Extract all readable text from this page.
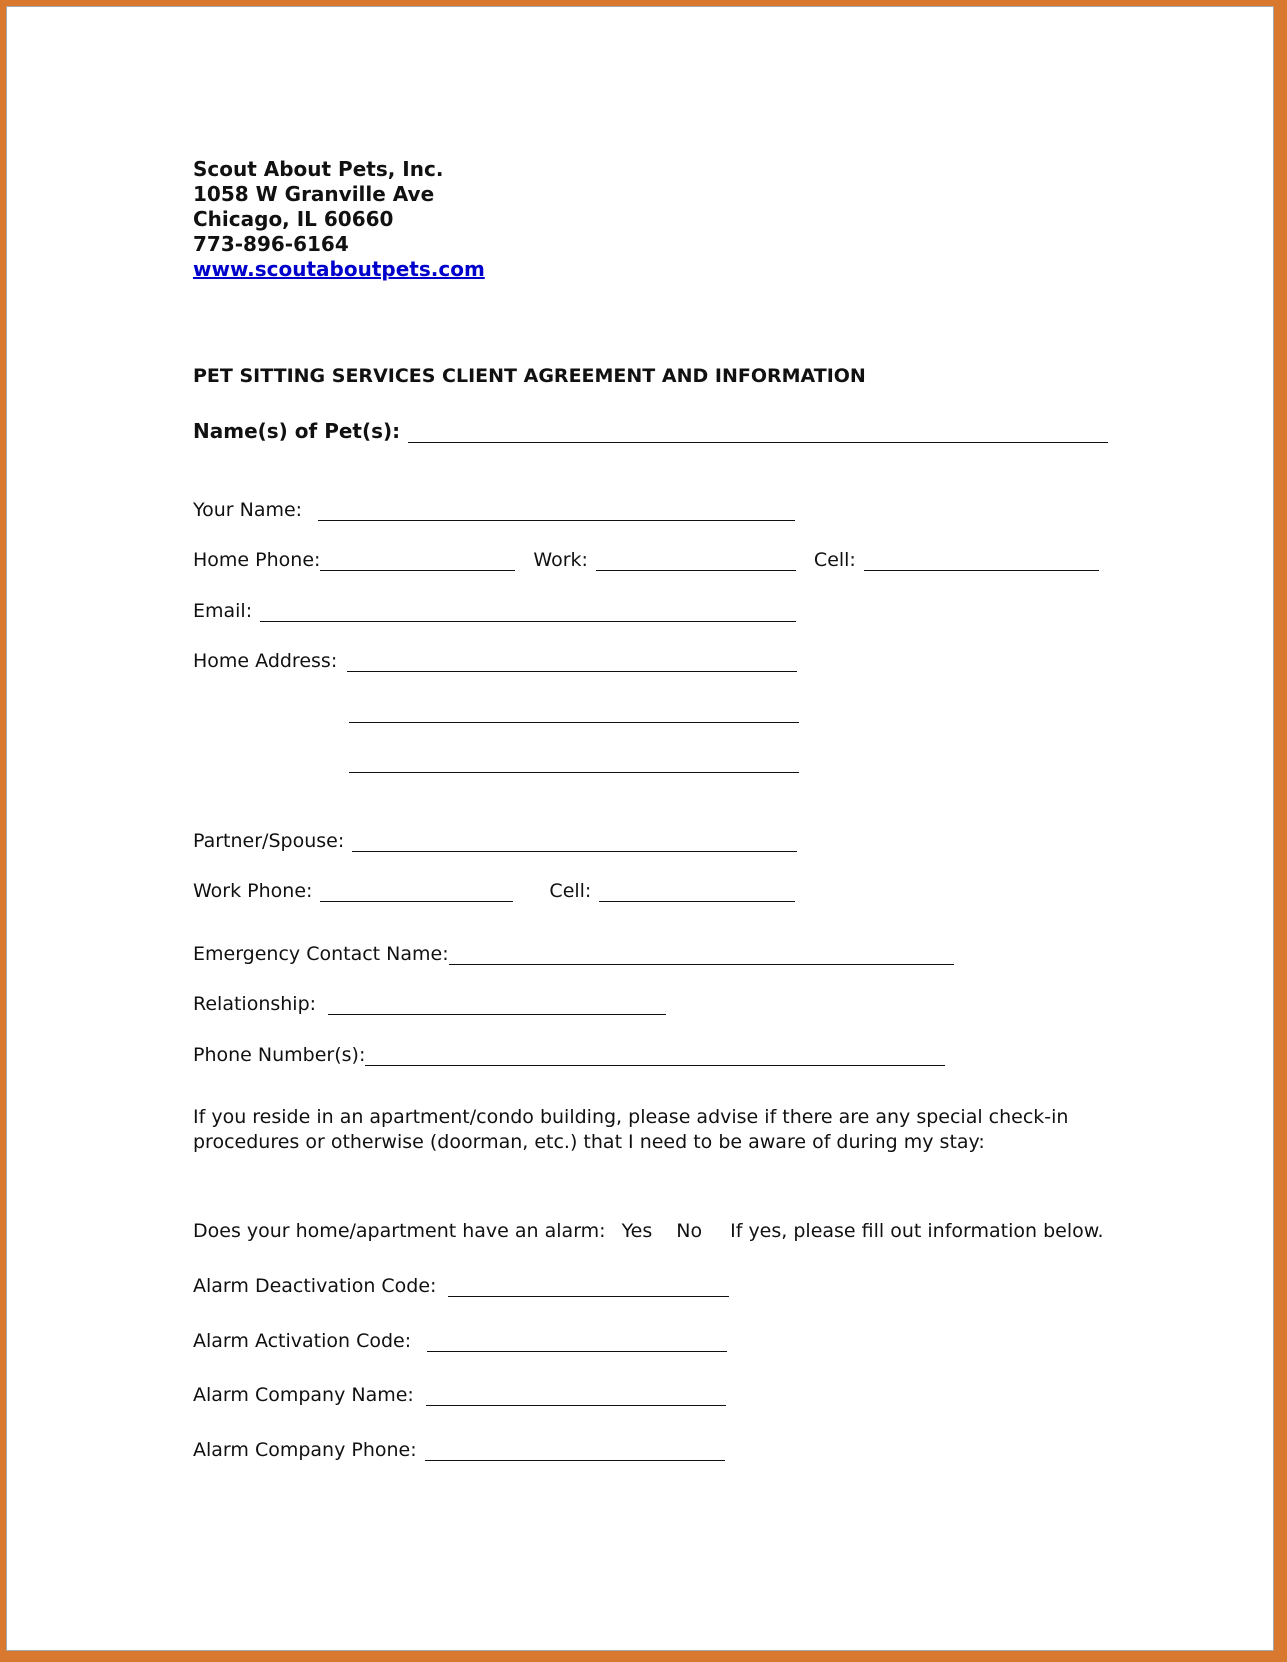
Scout About Pets, Inc.
1058 W Granville Ave
Chicago, IL 60660
773-896-6164
www.scoutaboutpets.com
PET SITTING SERVICES CLIENT AGREEMENT AND INFORMATION
Name(s) of Pet(s):
Your Name:
Home Phone:	Work:	Cell:
Email:
Home Address:
Partner/Spouse:
Work Phone:	Cell:
Emergency Contact Name:
Relationship:
Phone Number(s):
If you reside in an apartment/condo building, please advise if there are any special check-in procedures or otherwise (doorman, etc.) that I need to be aware of during my stay:
Does your home/apartment have an alarm: Yes No If yes, please fill out information below.
Alarm Deactivation Code:
Alarm Activation Code:
Alarm Company Name:
Alarm Company Phone:
